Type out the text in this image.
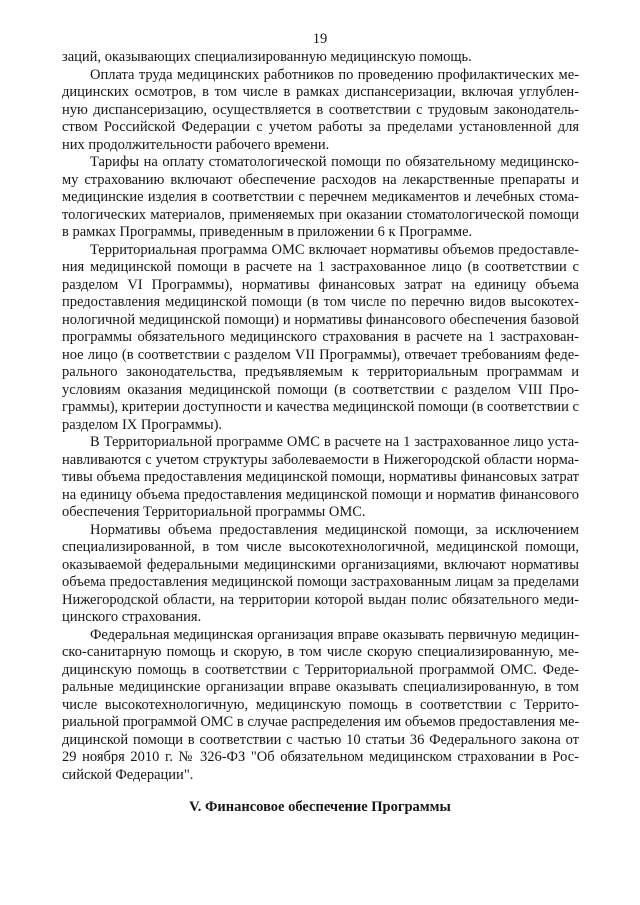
19
заций, оказывающих специализированную медицинскую помощь.
Оплата труда медицинских работников по проведению профилактических ме-
дицинских осмотров, в том числе в рамках диспансеризации, включая углублен-
ную диспансеризацию, осуществляется в соответствии с трудовым законодатель-
ством Российской Федерации с учетом работы за пределами установленной для
них продолжительности рабочего времени.
Тарифы на оплату стоматологической помощи по обязательному медицинско-
му страхованию включают обеспечение расходов на лекарственные препараты и
медицинские изделия в соответствии с перечнем медикаментов и лечебных стома-
тологических материалов, применяемых при оказании стоматологической помощи
в рамках Программы, приведенным в приложении 6 к Программе.
Территориальная программа ОМС включает нормативы объемов предоставле-
ния медицинской помощи в расчете на 1 застрахованное лицо (в соответствии с
разделом VI Программы), нормативы финансовых затрат на единицу объема
предоставления медицинской помощи (в том числе по перечню видов высокотех-
нологичной медицинской помощи) и нормативы финансового обеспечения базовой
программы обязательного медицинского страхования в расчете на 1 застрахован-
ное лицо (в соответствии с разделом VII Программы), отвечает требованиям феде-
рального законодательства, предъявляемым к территориальным программам и
условиям оказания медицинской помощи (в соответствии с разделом VIII Про-
граммы), критерии доступности и качества медицинской помощи (в соответствии с
разделом IX Программы).
В Территориальной программе ОМС в расчете на 1 застрахованное лицо уста-
навливаются с учетом структуры заболеваемости в Нижегородской области норма-
тивы объема предоставления медицинской помощи, нормативы финансовых затрат
на единицу объема предоставления медицинской помощи и норматив финансового
обеспечения Территориальной программы ОМС.
Нормативы объема предоставления медицинской помощи, за исключением
специализированной, в том числе высокотехнологичной, медицинской помощи,
оказываемой федеральными медицинскими организациями, включают нормативы
объема предоставления медицинской помощи застрахованным лицам за пределами
Нижегородской области, на территории которой выдан полис обязательного меди-
цинского страхования.
Федеральная медицинская организация вправе оказывать первичную медицин-
ско-санитарную помощь и скорую, в том числе скорую специализированную, ме-
дицинскую помощь в соответствии с Территориальной программой ОМС. Феде-
ральные медицинские организации вправе оказывать специализированную, в том
числе высокотехнологичную, медицинскую помощь в соответствии с Террито-
риальной программой ОМС в случае распределения им объемов предоставления ме-
дицинской помощи в соответствии с частью 10 статьи 36 Федерального закона от
29 ноября 2010 г. № 326-ФЗ "Об обязательном медицинском страховании в Рос-
сийской Федерации".
V. Финансовое обеспечение Программы
